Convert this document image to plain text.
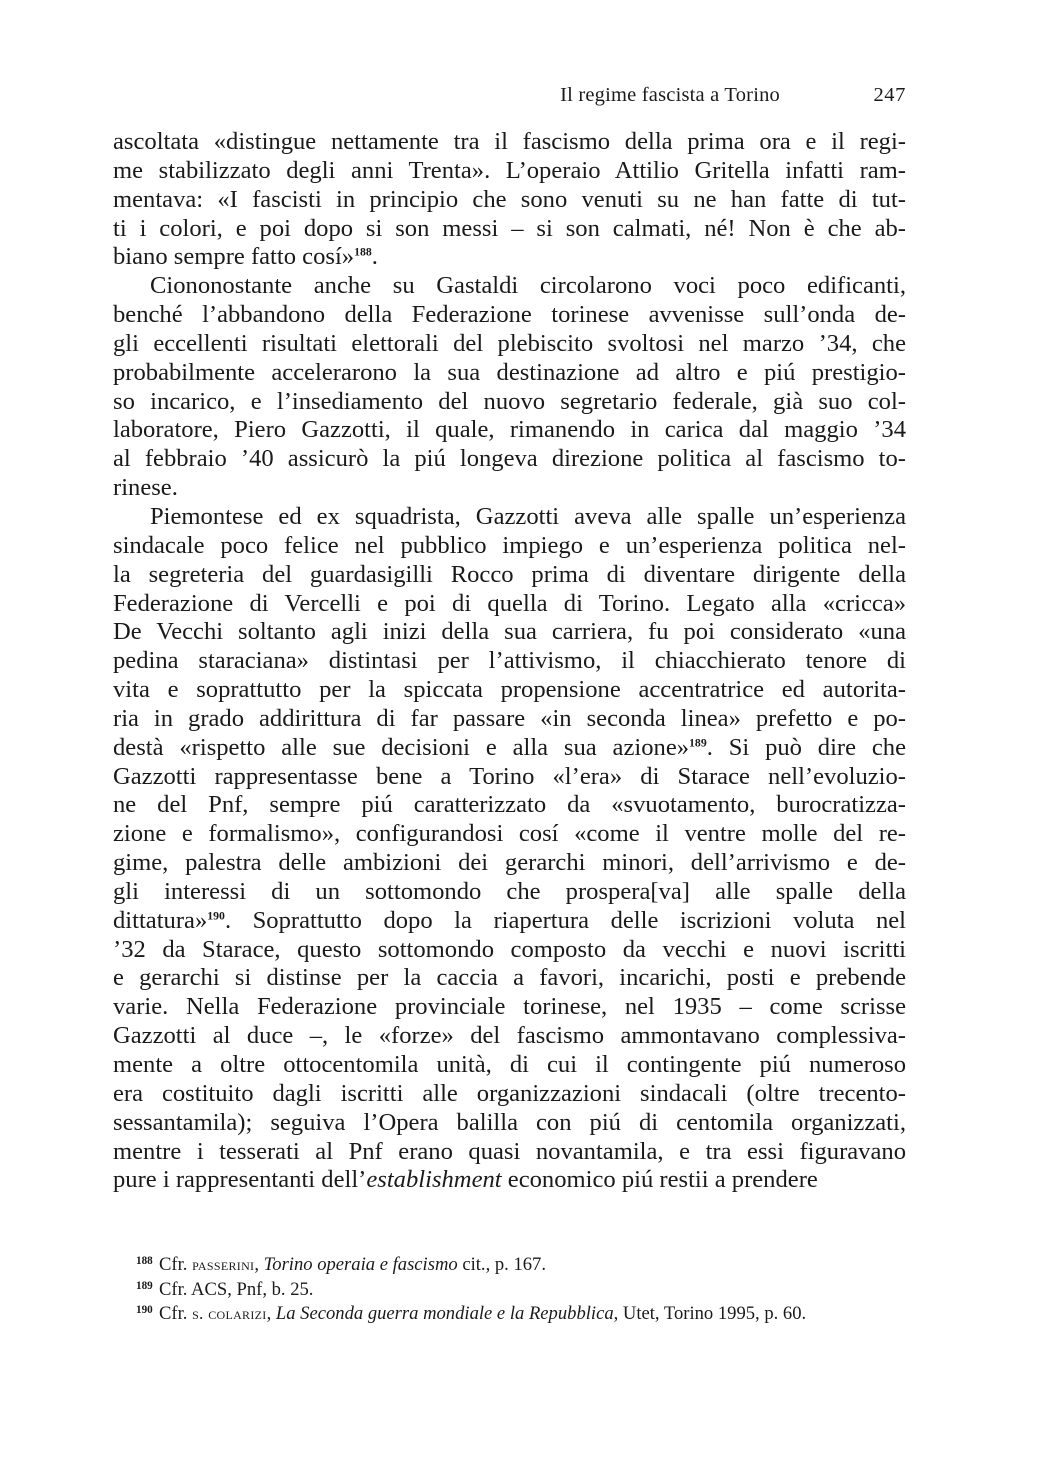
Il regime fascista a Torino	247
ascoltata «distingue nettamente tra il fascismo della prima ora e il regi-
me stabilizzato degli anni Trenta». L’operaio Attilio Gritella infatti ram-
mentava: «I fascisti in principio che sono venuti su ne han fatte di tut-
ti i colori, e poi dopo si son messi – si son calmati, né! Non è che ab-
biano sempre fatto cosí»$^{188}$.
Ciononostante anche su Gastaldi circolarono voci poco edificanti,
benché l’abbandono della Federazione torinese avvenisse sull’onda de-
gli eccellenti risultati elettorali del plebiscito svoltosi nel marzo ’34, che
probabilmente accelerarono la sua destinazione ad altro e piú prestigio-
so incarico, e l’insediamento del nuovo segretario federale, già suo col-
laboratore, Piero Gazzotti, il quale, rimanendo in carica dal maggio ’34
al febbraio ’40 assicurò la piú longeva direzione politica al fascismo to-
rinese.
Piemontese ed ex squadrista, Gazzotti aveva alle spalle un’esperienza
sindacale poco felice nel pubblico impiego e un’esperienza politica nel-
la segreteria del guardasigilli Rocco prima di diventare dirigente della
Federazione di Vercelli e poi di quella di Torino. Legato alla «cricca»
De Vecchi soltanto agli inizi della sua carriera, fu poi considerato «una
pedina staraciana» distintasi per l’attivismo, il chiacchierato tenore di
vita e soprattutto per la spiccata propensione accentratrice ed autorita-
ria in grado addirittura di far passare «in seconda linea» prefetto e po-
destà «rispetto alle sue decisioni e alla sua azione»$^{189}$. Si può dire che
Gazzotti rappresentasse bene a Torino «l’era» di Starace nell’evoluzio-
ne del Pnf, sempre piú caratterizzato da «svuotamento, burocratizza-
zione e formalismo», configurandosi cosí «come il ventre molle del re-
gime, palestra delle ambizioni dei gerarchi minori, dell’arrivismo e de-
gli interessi di un sottomondo che prospera[va] alle spalle della
dittatura»$^{190}$. Soprattutto dopo la riapertura delle iscrizioni voluta nel
’32 da Starace, questo sottomondo composto da vecchi e nuovi iscritti
e gerarchi si distinse per la caccia a favori, incarichi, posti e prebende
varie. Nella Federazione provinciale torinese, nel 1935 – come scrisse
Gazzotti al duce –, le «forze» del fascismo ammontavano complessiva-
mente a oltre ottocentomila unità, di cui il contingente piú numeroso
era costituito dagli iscritti alle organizzazioni sindacali (oltre trecento-
sessantamila); seguiva l’Opera balilla con piú di centomila organizzati,
mentre i tesserati al Pnf erano quasi novantamila, e tra essi figuravano
pure i rappresentanti dell’establishment economico piú restii a prendere
188 Cfr. passerini, Torino operaia e fascismo cit., p. 167.
189 Cfr. ACS, Pnf, b. 25.
190 Cfr. s. colarizi, La Seconda guerra mondiale e la Repubblica, Utet, Torino 1995, p. 60.
